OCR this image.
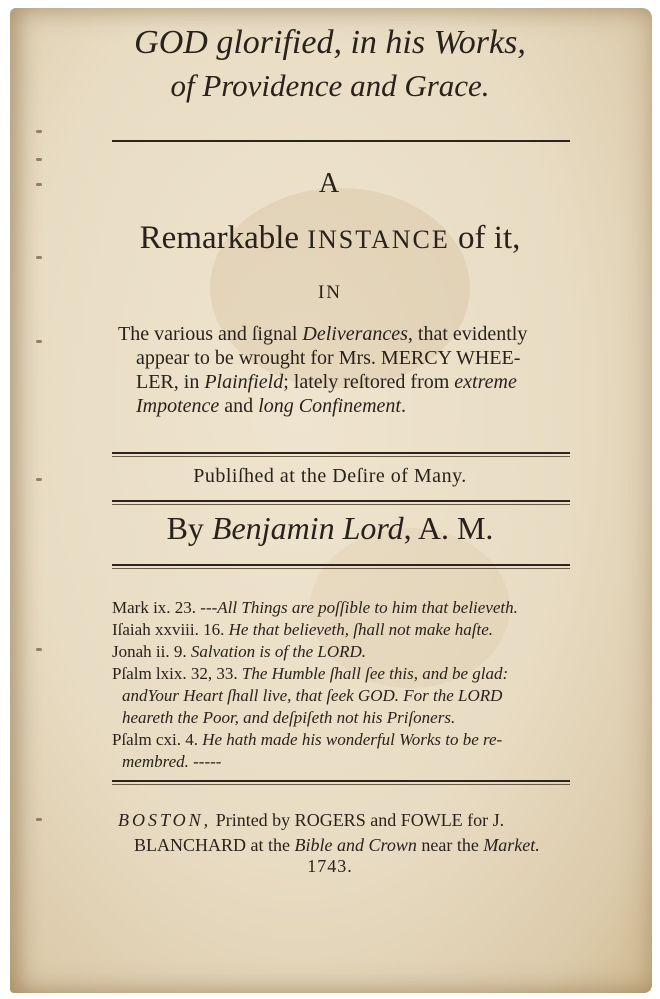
GOD glorified, in his Works,
of Providence and Grace.
A
Remarkable INSTANCE of it,
IN
The various and ſignal Deliverances, that evidently
appear to be wrought for Mrs. MERCY WHEE-
LER, in Plainfield; lately reſtored from extreme
Impotence and long Confinement.
Publiſhed at the Deſire of Many.
By Benjamin Lord, A. M.
Mark ix. 23. ---All Things are poſſible to him that believeth.
Iſaiah xxviii. 16. He that believeth, ſhall not make haſte.
Jonah ii. 9. Salvation is of the LORD.
Pſalm lxix. 32, 33. The Humble ſhall ſee this, and be glad:
andYour Heart ſhall live, that ſeek GOD. For the LORD
heareth the Poor, and deſpiſeth not his Priſoners.
Pſalm cxi. 4. He hath made his wonderful Works to be re-
membred. -----
BOSTON, Printed by ROGERS and FOWLE for J.
BLANCHARD at the Bible and Crown near the Market.
1743.
